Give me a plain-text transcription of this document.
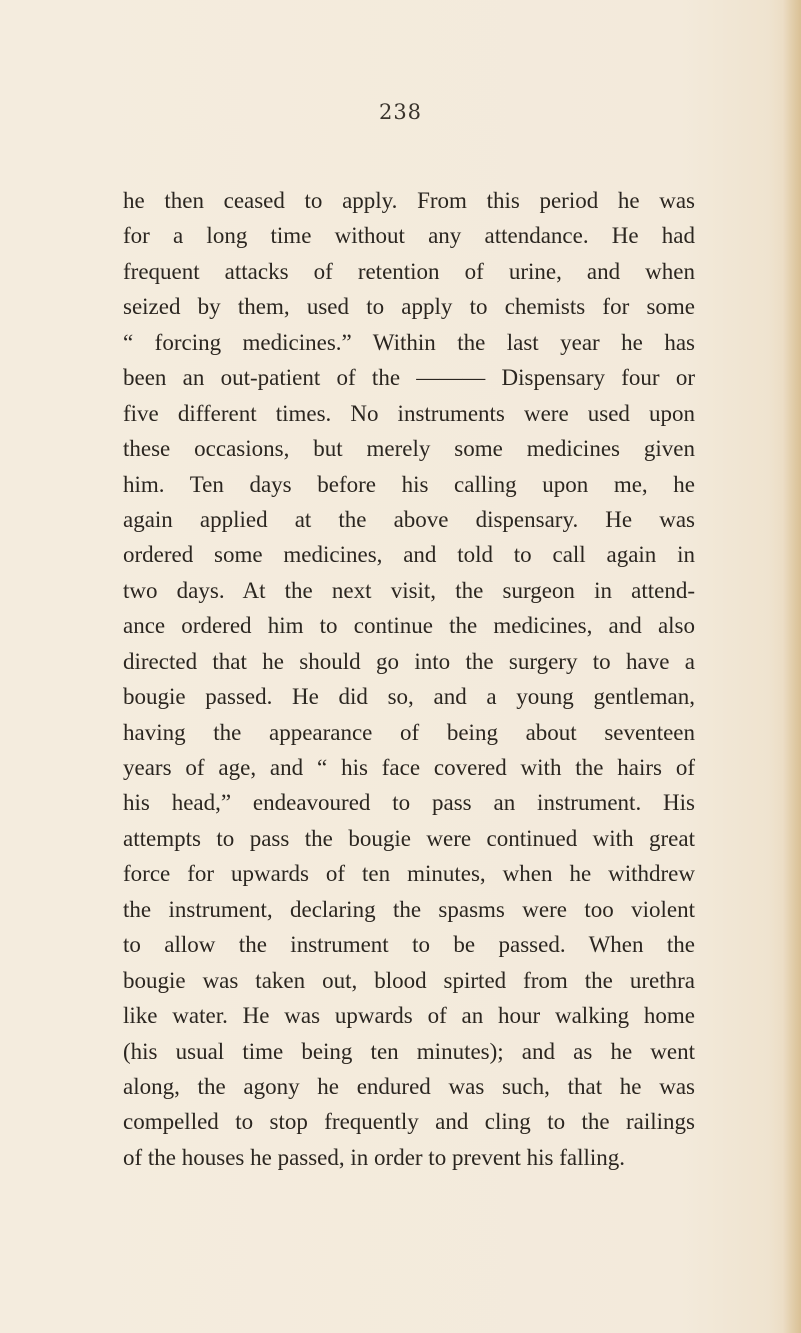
238
he then ceased to apply. From this period he was
for a long time without any attendance. He had
frequent attacks of retention of urine, and when
seized by them, used to apply to chemists for some
“ forcing medicines.” Within the last year he has
been an out-patient of the ——— Dispensary four or
five different times. No instruments were used upon
these occasions, but merely some medicines given
him. Ten days before his calling upon me, he
again applied at the above dispensary. He was
ordered some medicines, and told to call again in
two days. At the next visit, the surgeon in attend-
ance ordered him to continue the medicines, and also
directed that he should go into the surgery to have a
bougie passed. He did so, and a young gentleman,
having the appearance of being about seventeen
years of age, and “ his face covered with the hairs of
his head,” endeavoured to pass an instrument. His
attempts to pass the bougie were continued with great
force for upwards of ten minutes, when he withdrew
the instrument, declaring the spasms were too violent
to allow the instrument to be passed. When the
bougie was taken out, blood spirted from the urethra
like water. He was upwards of an hour walking home
(his usual time being ten minutes); and as he went
along, the agony he endured was such, that he was
compelled to stop frequently and cling to the railings
of the houses he passed, in order to prevent his falling.
